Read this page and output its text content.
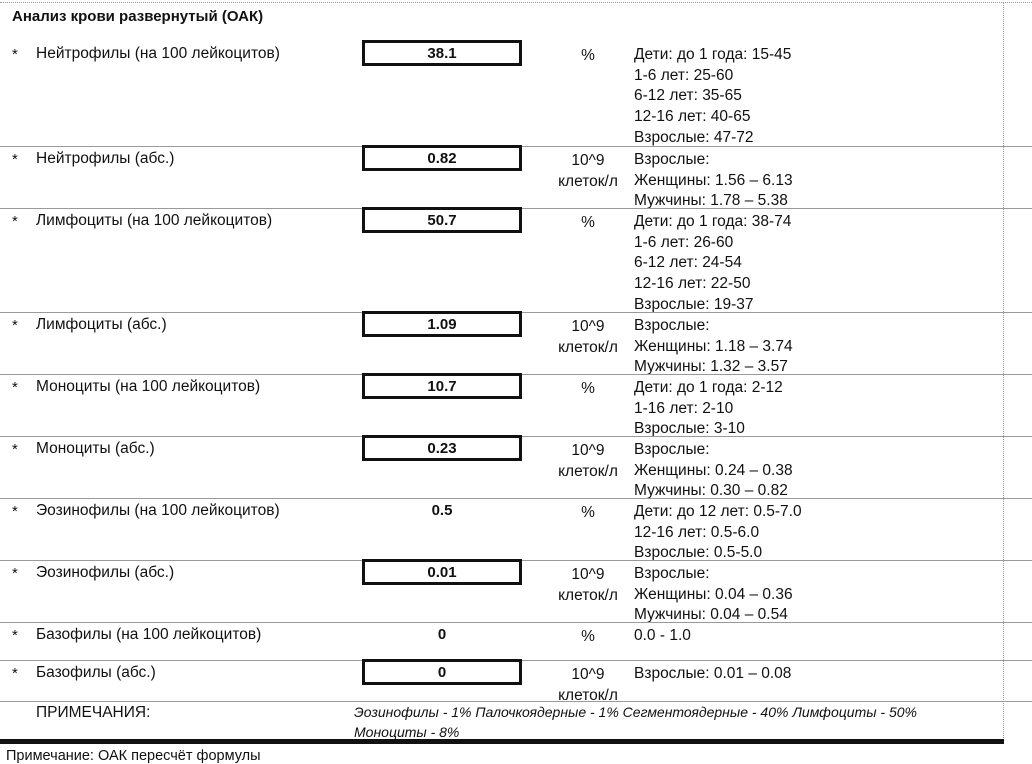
Анализ крови развернутый (ОАК)
* Нейтрофилы (на 100 лейкоцитов)	38.1	%	Дети: до 1 года: 15-45
1-6 лет: 25-60
6-12 лет: 35-65
12-16 лет: 40-65
Взрослые: 47-72
* Нейтрофилы (абс.)	0.82	10^9 клеток/л
Взрослые:
Женщины: 1.56 – 6.13
Мужчины: 1.78 – 5.38
* Лимфоциты (на 100 лейкоцитов)	50.7	%	Дети: до 1 года: 38-74
1-6 лет: 26-60
6-12 лет: 24-54
12-16 лет: 22-50
Взрослые: 19-37
* Лимфоциты (абс.)	1.09	10^9 клеток/л
Взрослые:
Женщины: 1.18 – 3.74
Мужчины: 1.32 – 3.57
* Моноциты (на 100 лейкоцитов)	10.7	%	Дети: до 1 года: 2-12
1-16 лет: 2-10
Взрослые: 3-10
* Моноциты (абс.)	0.23	10^9 клеток/л
Взрослые:
Женщины: 0.24 – 0.38
Мужчины: 0.30 – 0.82
* Эозинофилы (на 100 лейкоцитов)	0.5	%	Дети: до 12 лет: 0.5-7.0
12-16 лет: 0.5-6.0
Взрослые: 0.5-5.0
* Эозинофилы (абс.)	0.01	10^9 клеток/л
Взрослые:
Женщины: 0.04 – 0.36
Мужчины: 0.04 – 0.54
* Базофилы (на 100 лейкоцитов)	0	%	0.0 - 1.0
* Базофилы (абс.)	0	10^9 клеток/л
Взрослые: 0.01 – 0.08
ПРИМЕЧАНИЯ:	Эозинофилы - 1% Палочкоядерные - 1% Сегментоядерные - 40% Лимфоциты - 50% Моноциты - 8%
Примечание: ОАК пересчёт формулы
